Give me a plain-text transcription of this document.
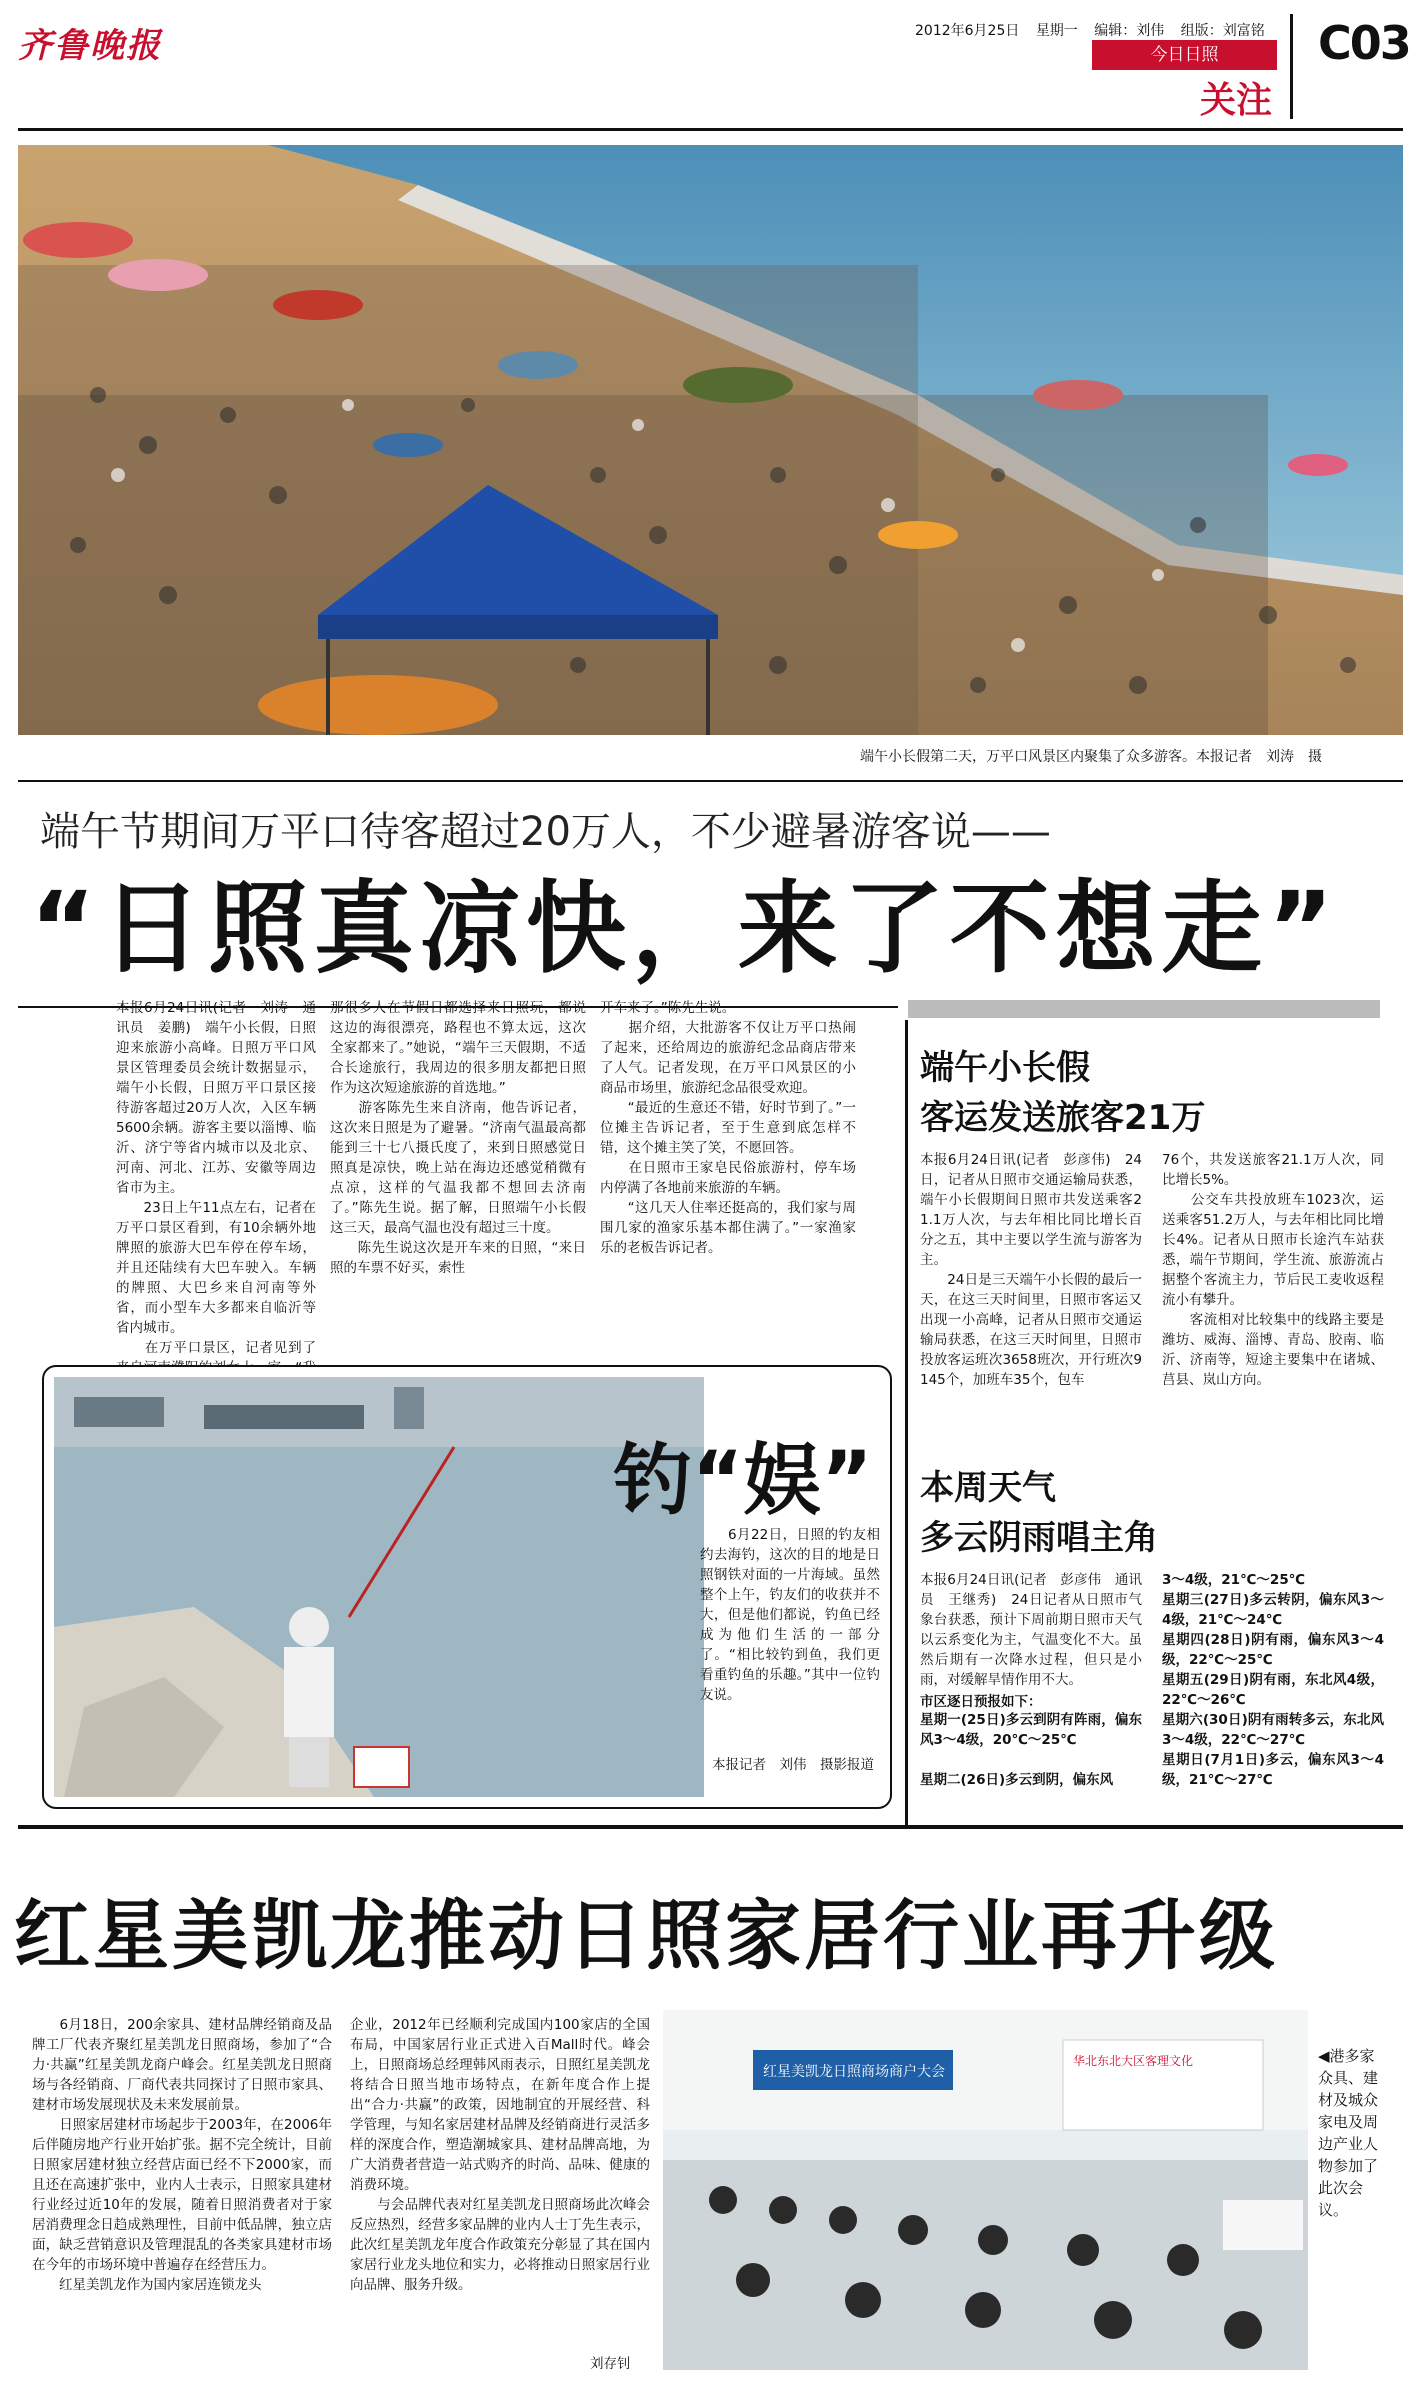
齐鲁晚报	2012年6月25日 星期一 编辑：刘伟 组版：刘富铭
今日日照
关注
C03
端午小长假第二天，万平口风景区内聚集了众多游客。本报记者　刘涛　摄
端午节期间万平口待客超过20万人，不少避暑游客说——
“日照真凉快，来了不想走”
本报6月24日讯(记者　刘涛　通讯员　姜鹏)　端午小长假，日照迎来旅游小高峰。日照万平口风景区管理委员会统计数据显示，端午小长假，日照万平口景区接待游客超过20万人次，入区车辆5600余辆。游客主要以淄博、临沂、济宁等省内城市以及北京、河南、河北、江苏、安徽等周边省市为主。
　　23日上午11点左右，记者在万平口景区看到，有10余辆外地牌照的旅游大巴车停在停车场，并且还陆续有大巴车驶入。车辆的牌照、大巴乡来自河南等外省，而小型车大多都来自临沂等省内城市。
　　在万平口景区，记者见到了
那很多人在节假日都选择来日照玩，都说这边的海很漂亮，路程也不算太远，这次全家都来了。”她说，“端午三天假期，不适合长途旅行，我周边的很多朋友都把日照作为这次短途旅游的首选地。”
　　游客陈先生来自济南，他告诉记者，这次来日照是为了避暑。“济南气温最高都能到三十七八摄氏度了，来到日照感觉日照真是凉快，晚上站在海边还感觉稍微有点凉，这样的气温我都不想回去济南了。”陈先生说。据了解，日照端午小长假这三天，最高气温也没有超过三十度。
　　陈先生说这次是开车来的日照，“来日照的车票不好买，索性
开车来了。”陈先生说。
　　据介绍，大批游客不仅让万平口热闹了起来，还给周边的旅游纪念品商店带来了人气。记者发现，在万平口风景区的小商品市场里，旅游纪念品很受欢迎。
　　“最近的生意还不错，好时节到了。”一位摊主告诉记者，至于生意到底怎样不错，这个摊主笑了笑，不愿回答。
　　在日照市王家皂民俗旅游村，停车场内停满了各地前来旅游的车辆。
　　“这几天人住率还挺高的，我们家与周围几家的渔家乐基本都住满了。”一家渔家乐的老板告诉记者。
端午小长假
客运发送旅客21万
本报6月24日讯(记者　彭彦伟)　24日，记者从日照市交通运输局获悉，端午小长假期间日照市共发送乘客21.1万人次，与去年相比同比增长百分之五，其中主要以学生流与游客为主。
　　24日是三天端午小长假的最后一天，在这三天时间里，日照市客运又出现一小高峰，记者从日照市交通运输局获悉，在这三天时间里，日照市投放客运班次3658班次，开行班次9145个，加班车35个，包车
76个，共发送旅客21.1万人次，同比增长5%。
　　公交车共投放班车1023次，运送乘客51.2万人，与去年相比同比增长4%。记者从日照市长途汽车站获悉，端午节期间，学生流、旅游流占据整个客流主力，节后民工麦收返程流小有攀升。
　　客流相对比较集中的线路主要是潍坊、威海、淄博、青岛、胶南、临沂、济南等，短途主要集中在诸城、莒县、岚山方向。
钓“娱”
　　6月22日，日照的钓友相约去海钓，这次的目的地是日照钢铁对面的一片海域。虽然整个上午，钓友们的收获并不大，但是他们都说，钓鱼已经成为他们生活的一部分了。“相比较钓到鱼，我们更看重钓鱼的乐趣。”其中一位钓友说。
本报记者　刘伟　摄影报道
本周天气
多云阴雨唱主角
本报6月24日讯(记者　彭彦伟　通讯员　王继秀)　24日记者从日照市气象台获悉，预计下周前期日照市天气以云系变化为主，气温变化不大。虽然后期有一次降水过程，但只是小雨，对缓解旱情作用不大。
市区逐日预报如下：
星期一(25日)多云到阴有阵雨，偏东风3～4级，20℃～25℃
星期二(26日)多云到阴，偏东风
3～4级，21℃～25℃
星期三(27日)多云转阴，偏东风3～4级，21℃～24℃
星期四(28日)阴有雨，偏东风3～4级，22℃～25℃
星期五(29日)阴有雨，东北风4级，22℃～26℃
星期六(30日)阴有雨转多云，东北风3～4级，22℃～27℃
星期日(7月1日)多云，偏东风3～4级，21℃～27℃
红星美凯龙推动日照家居行业再升级
　　6月18日，200余家具、建材品牌经销商及品牌工厂代表齐聚红星美凯龙日照商场，参加了“合力·共赢”红星美凯龙商户峰会。红星美凯龙日照商场与各经销商、厂商代表共同探讨了日照市家具、建材市场发展现状及未来发展前景。
　　日照家居建材市场起步于2003年，在2006年后伴随房地产行业开始扩张。据不完全统计，目前日照家居建材独立经营店面已经不下2000家，而且还在高速扩张中，业内人士表示，日照家具建材行业经过近10年的发展，随着日照消费者对于家居消费理念日趋成熟理性，目前中低品牌，独立店面，缺乏营销意识及管理混乱的各类家具建材市场在今年的市场环境中普遍存在经营压力。
　　红星美凯龙作为国内家居连锁龙头
企业，2012年已经顺利完成国内100家店的全国布局，中国家居行业正式进入百Mall时代。峰会上，日照商场总经理韩风雨表示，日照红星美凯龙将结合日照当地市场特点，在新年度合作上提出“合力·共赢”的政策，因地制宜的开展经营、科学管理，与知名家居建材品牌及经销商进行灵活多样的深度合作，塑造潮城家具、建材品牌高地，为广大消费者营造一站式购齐的时尚、品味、健康的消费环境。
　　与会品牌代表对红星美凯龙日照商场此次峰会反应热烈，经营多家品牌的业内人士丁先生表示，此次红星美凯龙年度合作政策充分彰显了其在国内家居行业龙头地位和实力，必将推动日照家居行业向品牌、服务升级。
刘存钊
红星美凯龙日照商场商户大会
华北东北大区客理文化	◀港多家众具、建材及城众家电及周边产业人物参加了此次会议。
